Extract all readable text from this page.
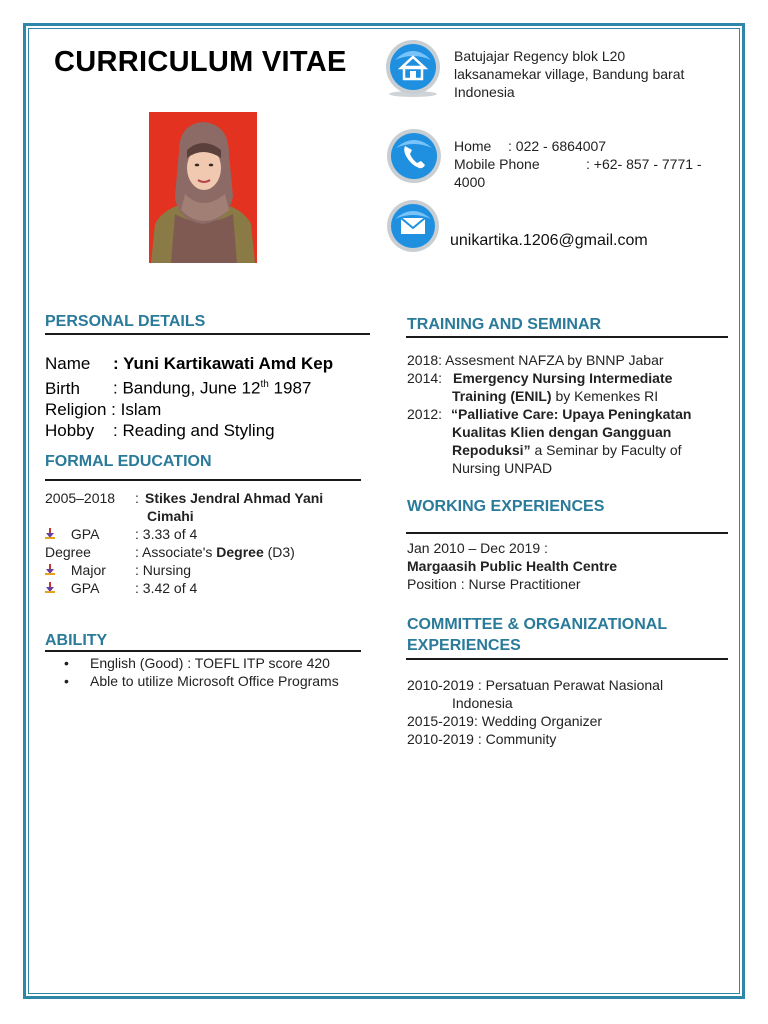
CURRICULUM VITAE	Batujajar Regency blok L20
laksanamekar village, Bandung barat
Indonesia
Home : 022 - 6864007
Mobile Phone	: +62- 857 - 7771 -
4000
unikartika.1206@gmail.com
PERSONAL DETAILS
Name : Yuni Kartikawati Amd Kep
Birth : Bandung, June 12th 1987
Religion : Islam
Hobby : Reading and Styling
FORMAL EDUCATION
2005–2018 : Stikes Jendral Ahmad Yani
Cimahi
GPA	: 3.33 of 4
Degree	: Associate's Degree (D3)
Major : Nursing
GPA	: 3.42 of 4
ABILITY
• English (Good) : TOEFL ITP score 420
• Able to utilize Microsoft Office Programs
TRAINING AND SEMINAR
2018: Assesment NAFZA by BNNP Jabar
2014: Emergency Nursing Intermediate
Training (ENIL) by Kemenkes RI
2012: “Palliative Care: Upaya Peningkatan
Kualitas Klien dengan Gangguan
Repoduksi” a Seminar by Faculty of
Nursing UNPAD
WORKING EXPERIENCES
Jan 2010 – Dec 2019 :
Margaasih Public Health Centre
Position : Nurse Practitioner
COMMITTEE & ORGANIZATIONAL
EXPERIENCES
2010-2019 : Persatuan Perawat Nasional
Indonesia
2015-2019: Wedding Organizer
2010-2019 : Community
